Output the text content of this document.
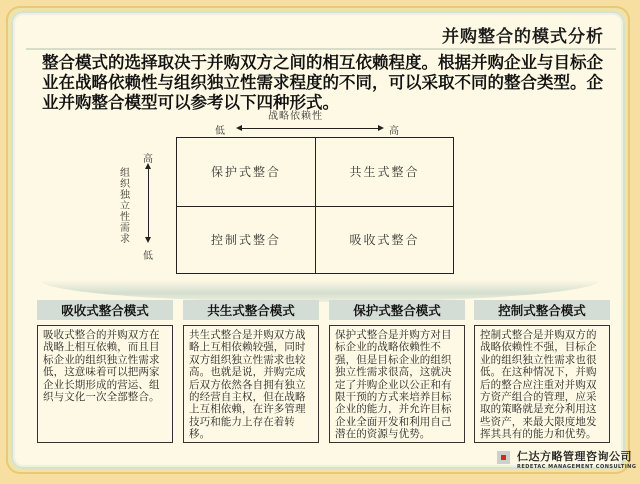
并购整合的模式分析
整合模式的选择取决于并购双方之间的相互依赖程度。根据并购企业与目标企业在战略依赖性与组织独立性需求程度的不同，可以采取不同的整合类型。企业并购整合模型可以参考以下四种形式。
战略依赖性
低	高
高
低
组织独立性需求
保护式整合	共生式整合
控制式整合	吸收式整合
吸收式整合模式
吸收式整合的并购双方在战略上相互依赖，而且目标企业的组织独立性需求低，这意味着可以把两家企业长期形成的营运、组织与文化一次全部整合。
共生式整合模式
共生式整合是并购双方战略上互相依赖较强，同时双方组织独立性需求也较高。也就是说，并购完成后双方依然各自拥有独立的经营自主权，但在战略上互相依赖，在许多管理技巧和能力上存在着转移。
保护式整合模式
保护式整合是并购方对目标企业的战略依赖性不强，但是目标企业的组织独立性需求很高，这就决定了并购企业以公正和有限干预的方式来培养目标企业的能力，并允许目标企业全面开发和利用自己潜在的资源与优势。
控制式整合模式
控制式整合是并购双方的战略依赖性不强，目标企业的组织独立性需求也很低。在这种情况下，并购后的整合应注重对并购双方资产组合的管理，应采取的策略就是充分利用这些资产，来最大限度地发挥其具有的能力和优势。
仁达方略管理咨询公司
REDETAC MANAGEMENT CONSULTING
